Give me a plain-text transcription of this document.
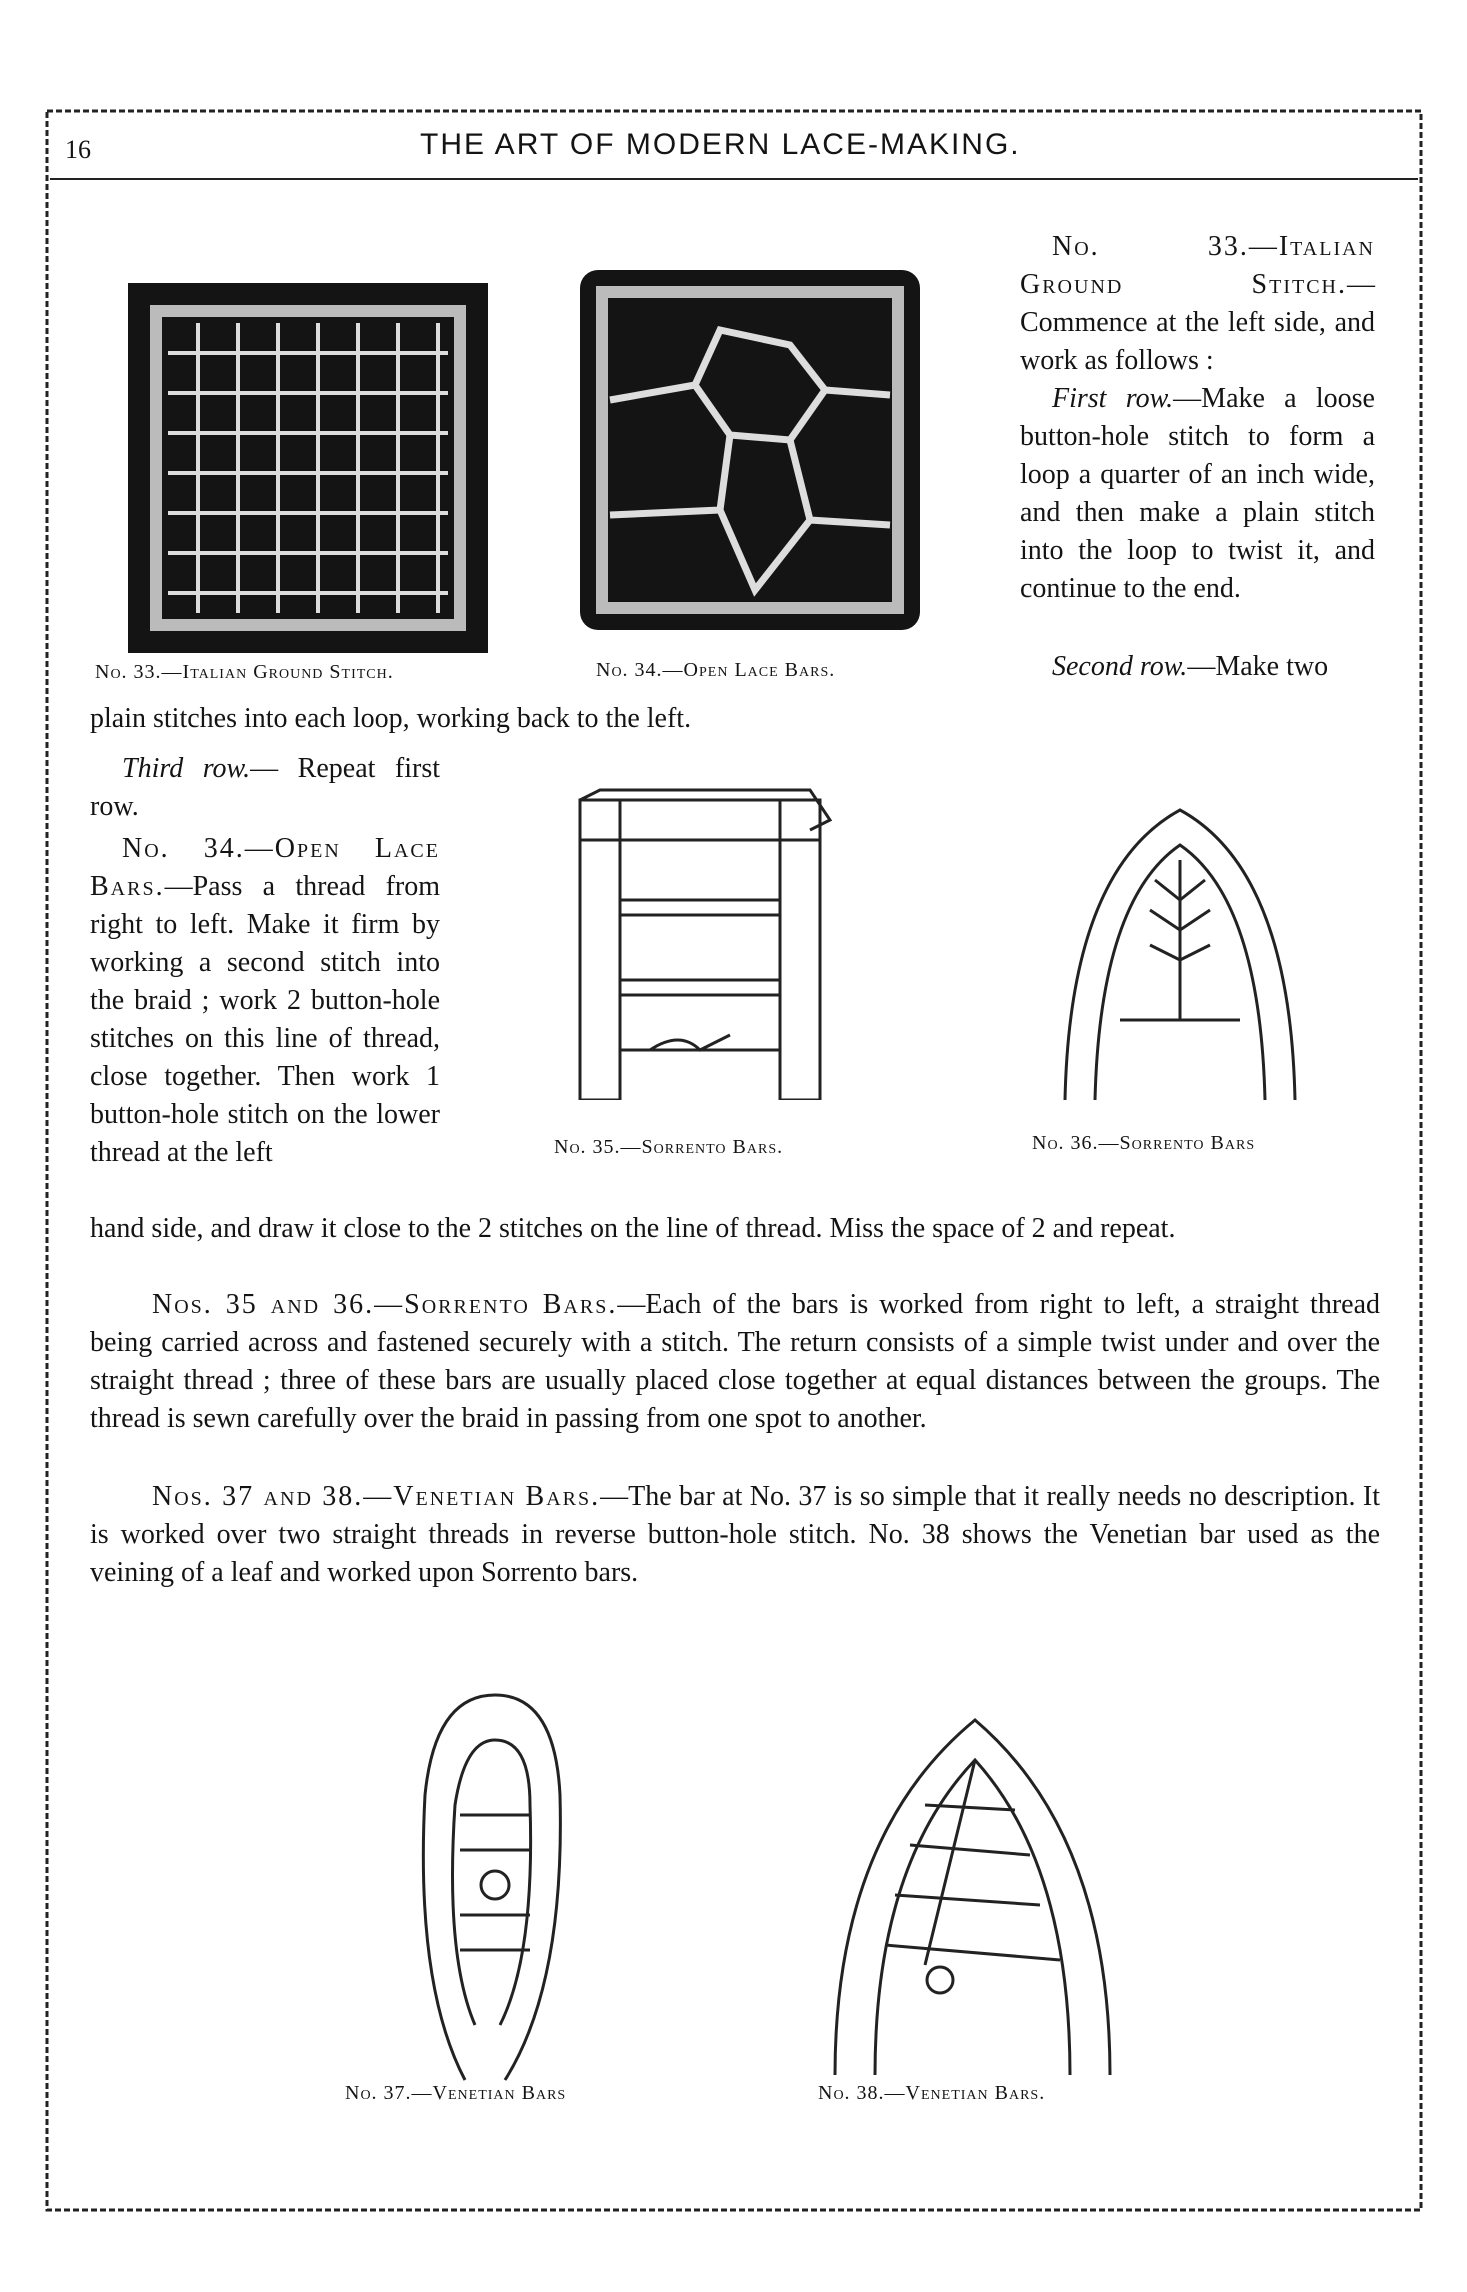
16	THE ART OF MODERN LACE-MAKING.
No. 33.—Italian Ground Stitch.	No. 34.—Open Lace Bars.
No. 35.—Sorrento Bars.	No. 36.—Sorrento Bars
No. 37.—Venetian Bars	No. 38.—Venetian Bars.

No. 33.—Italian Ground Stitch.—Commence at the left side, and work as follows :

First row.—Make a loose button-hole stitch to form a loop a quarter of an inch wide, and then make a plain stitch into the loop to twist it, and continue to the end.

Second row.—Make two

plain stitches into each loop, working back to the left.

Third row.— Repeat first row.

No. 34.—Open Lace Bars.—Pass a thread from right to left. Make it firm by working a second stitch into the braid ; work 2 button-hole stitches on this line of thread, close together. Then work 1 button-hole stitch on the lower thread at the left

hand side, and draw it close to the 2 stitches on the line of thread. Miss the space of 2 and repeat.

Nos. 35 and 36.—Sorrento Bars.—Each of the bars is worked from right to left, a straight thread being carried across and fastened securely with a stitch. The return consists of a simple twist under and over the straight thread ; three of these bars are usually placed close together at equal distances between the groups. The thread is sewn carefully over the braid in passing from one spot to another.

Nos. 37 and 38.—Venetian Bars.—The bar at No. 37 is so simple that it really needs no description. It is worked over two straight threads in reverse button-hole stitch. No. 38 shows the Venetian bar used as the veining of a leaf and worked upon Sorrento bars.
